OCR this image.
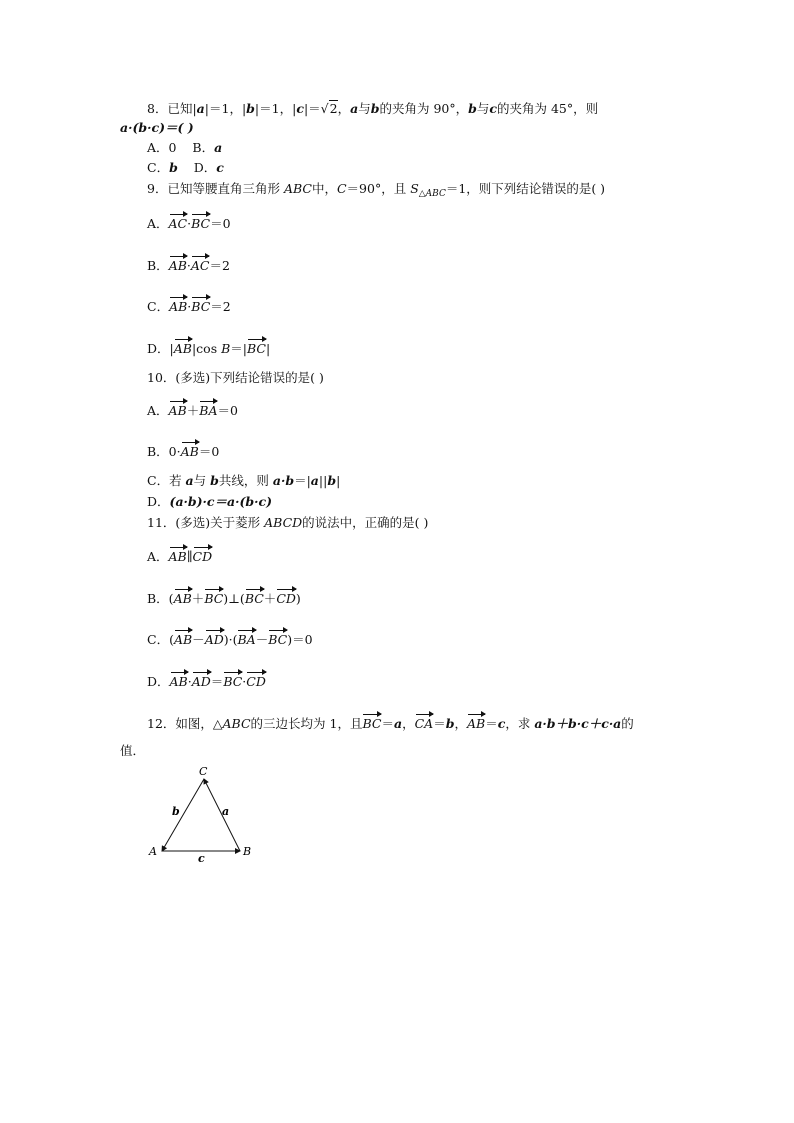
8．已知|a|＝1，|b|＝1，|c|＝√2，a与b的夹角为 90°，b与c的夹角为 45°，则
a·(b·c)＝( )
A．0 B．a
C．b D．c
9．已知等腰直角三角形 ABC中，C＝90°，且 $S_{\triangle ABC}=1$，则下列结论错误的是( )
A．AC·BC＝0
B．AB·AC＝2
C．AB·BC＝2
D．|AB|cos B＝|BC|
10．(多选)下列结论错误的是( )
A．AB＋BA＝0
B．0·AB＝0
C．若 a与 b共线，则 a·b＝|a||b|
D．(a·b)·c＝a·(b·c)
11．(多选)关于菱形 ABCD的说法中，正确的是( )
A．AB∥CD
B．(AB＋BC)⊥(BC＋CD)
C．(AB－AD)·(BA－BC)＝0
D．AB·AD＝BC·CD
12．如图，△ABC的三边长均为 1，且BC＝a，CA＝b，AB＝c，求 a·b＋b·c＋c·a的
值．
C
A	B
a
b
c
